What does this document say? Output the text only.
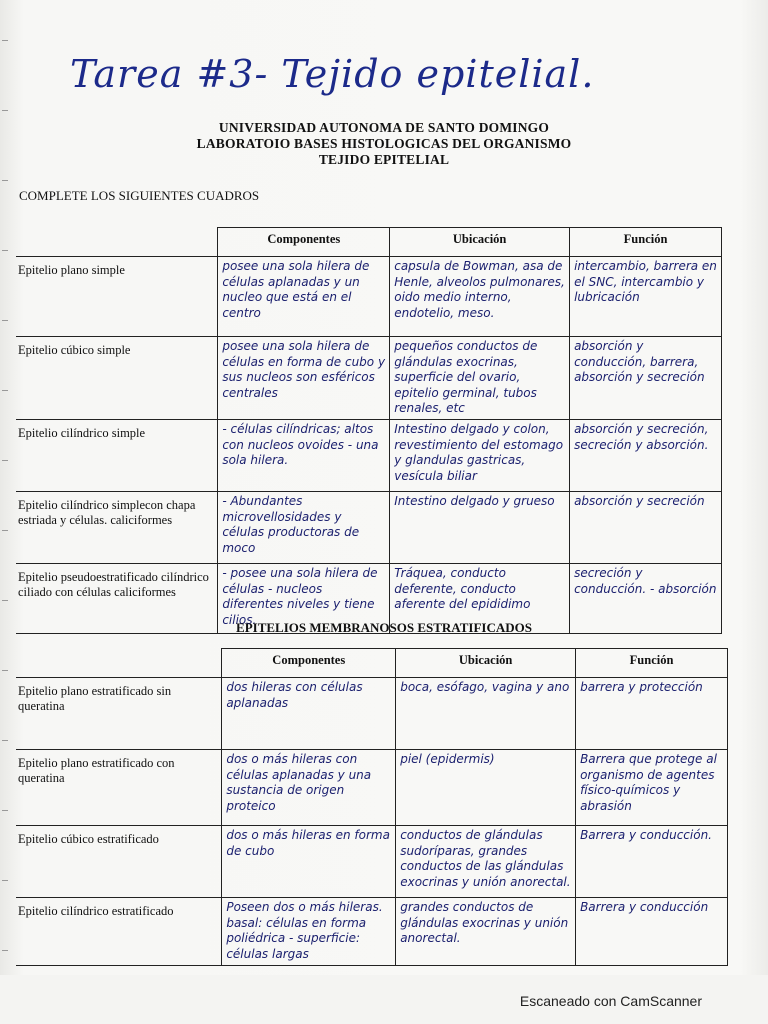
Tarea #3- Tejido epitelial.
UNIVERSIDAD AUTONOMA DE SANTO DOMINGO
LABORATOIO BASES HISTOLOGICAS DEL ORGANISMO
TEJIDO EPITELIAL
COMPLETE LOS SIGUIENTES CUADROS
	Componentes	Ubicación	Función
Epitelio plano simple	posee una sola hilera de células aplanadas y un nucleo que está en el centro	capsula de Bowman, asa de Henle, alveolos pulmonares, oido medio interno, endotelio, meso.	intercambio, barrera en el SNC, intercambio y lubricación
Epitelio cúbico simple	posee una sola hilera de células en forma de cubo y sus nucleos son esféricos centrales	pequeños conductos de glándulas exocrinas, superficie del ovario, epitelio germinal, tubos renales, etc	absorción y conducción, barrera, absorción y secreción
Epitelio cilíndrico simple	- células cilíndricas; altos con nucleos ovoides - una sola hilera.	Intestino delgado y colon, revestimiento del estomago y glandulas gastricas, vesícula biliar	absorción y secreción, secreción y absorción.
Epitelio cilíndrico simplecon chapa estriada y células. caliciformes	- Abundantes microvellosidades y células productoras de moco	Intestino delgado y grueso	absorción y secreción
Epitelio pseudoestratificado cilíndrico ciliado con células caliciformes	- posee una sola hilera de células - nucleos diferentes niveles y tiene cilios.	Tráquea, conducto deferente, conducto aferente del epididimo	secreción y conducción. - absorción
EPITELIOS MEMBRANOSOS ESTRATIFICADOS
	Componentes	Ubicación	Función
Epitelio plano estratificado sin queratina	dos hileras con células aplanadas	boca, esófago, vagina y ano	barrera y protección
Epitelio plano estratificado con queratina	dos o más hileras con células aplanadas y una sustancia de origen proteico	piel (epidermis)	Barrera que protege al organismo de agentes físico-químicos y abrasión
Epitelio cúbico estratificado	dos o más hileras en forma de cubo	conductos de glándulas sudoríparas, grandes conductos de las glándulas exocrinas y unión anorectal.	Barrera y conducción.
Epitelio cilíndrico estratificado	Poseen dos o más hileras. basal: células en forma poliédrica - superficie: células largas	grandes conductos de glándulas exocrinas y unión anorectal.	Barrera y conducción
Escaneado con CamScanner
